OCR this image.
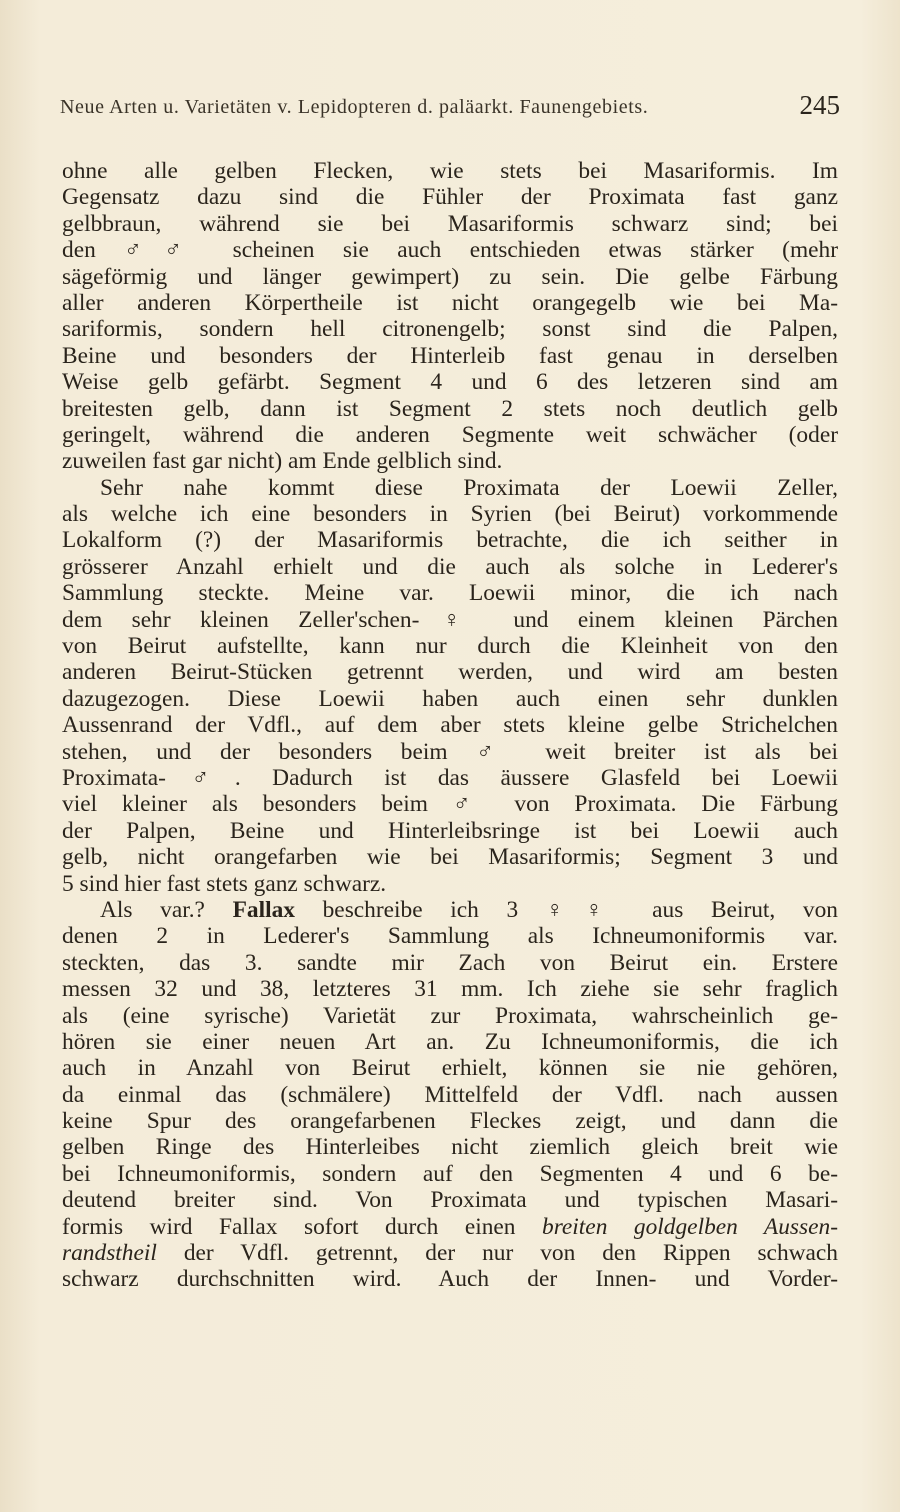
Neue Arten u. Varietäten v. Lepidopteren d. paläarkt. Faunengebiets.	245
ohne alle gelben Flecken, wie stets bei Masariformis. Im
Gegensatz dazu sind die Fühler der Proximata fast ganz
gelbbraun, während sie bei Masariformis schwarz sind; bei
den ♂♂ scheinen sie auch entschieden etwas stärker (mehr
sägeförmig und länger gewimpert) zu sein. Die gelbe Färbung
aller anderen Körpertheile ist nicht orangegelb wie bei Ma-
sariformis, sondern hell citronengelb; sonst sind die Palpen,
Beine und besonders der Hinterleib fast genau in derselben
Weise gelb gefärbt. Segment 4 und 6 des letzeren sind am
breitesten gelb, dann ist Segment 2 stets noch deutlich gelb
geringelt, während die anderen Segmente weit schwächer (oder
zuweilen fast gar nicht) am Ende gelblich sind.
Sehr nahe kommt diese Proximata der Loewii Zeller,
als welche ich eine besonders in Syrien (bei Beirut) vorkommende
Lokalform (?) der Masariformis betrachte, die ich seither in
grösserer Anzahl erhielt und die auch als solche in Lederer's
Sammlung steckte. Meine var. Loewii minor, die ich nach
dem sehr kleinen Zeller'schen-♀ und einem kleinen Pärchen
von Beirut aufstellte, kann nur durch die Kleinheit von den
anderen Beirut-Stücken getrennt werden, und wird am besten
dazugezogen. Diese Loewii haben auch einen sehr dunklen
Aussenrand der Vdfl., auf dem aber stets kleine gelbe Strichelchen
stehen, und der besonders beim ♂ weit breiter ist als bei
Proximata-♂. Dadurch ist das äussere Glasfeld bei Loewii
viel kleiner als besonders beim ♂ von Proximata. Die Färbung
der Palpen, Beine und Hinterleibsringe ist bei Loewii auch
gelb, nicht orangefarben wie bei Masariformis; Segment 3 und
5 sind hier fast stets ganz schwarz.
Als var.? Fallax beschreibe ich 3 ♀♀ aus Beirut, von
denen 2 in Lederer's Sammlung als Ichneumoniformis var.
steckten, das 3. sandte mir Zach von Beirut ein. Erstere
messen 32 und 38, letzteres 31 mm. Ich ziehe sie sehr fraglich
als (eine syrische) Varietät zur Proximata, wahrscheinlich ge-
hören sie einer neuen Art an. Zu Ichneumoniformis, die ich
auch in Anzahl von Beirut erhielt, können sie nie gehören,
da einmal das (schmälere) Mittelfeld der Vdfl. nach aussen
keine Spur des orangefarbenen Fleckes zeigt, und dann die
gelben Ringe des Hinterleibes nicht ziemlich gleich breit wie
bei Ichneumoniformis, sondern auf den Segmenten 4 und 6 be-
deutend breiter sind. Von Proximata und typischen Masari-
formis wird Fallax sofort durch einen breiten goldgelben Aussen-
randstheil der Vdfl. getrennt, der nur von den Rippen schwach
schwarz durchschnitten wird. Auch der Innen- und Vorder-
